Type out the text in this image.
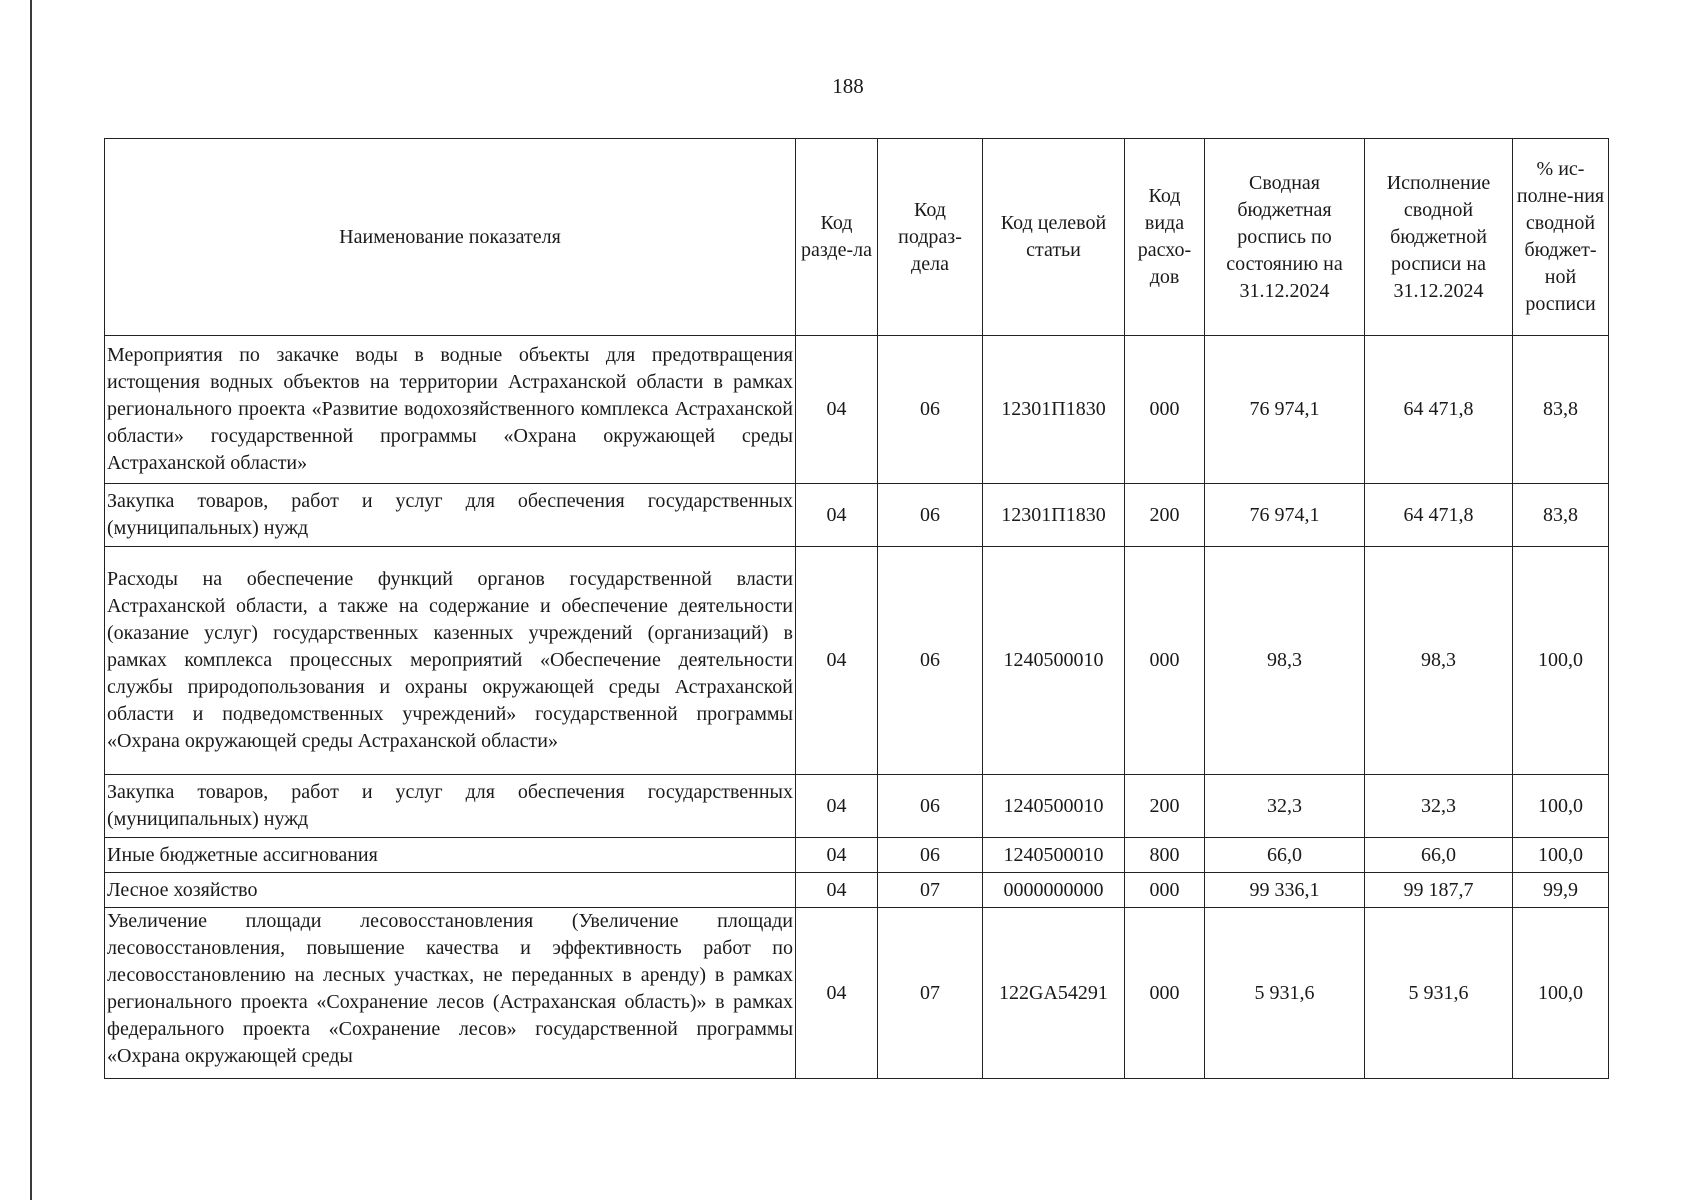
188
Наименование показателя	Код разде-ла	Код подраз-дела	Код целевой статьи	Код вида расхо-дов	Сводная бюджетная роспись по состоянию на 31.12.2024	Исполнение сводной бюджетной росписи на 31.12.2024	% ис-полне-ния сводной бюджет-ной росписи
Мероприятия по закачке воды в водные объекты для предотвращения истощения водных объектов на территории Астраханской области в рамках регионального проекта «Развитие водохозяйственного комплекса Астраханской области» государственной программы «Охрана окружающей среды Астраханской области»	04	06	12301П1830	000	76 974,1	64 471,8	83,8
Закупка товаров, работ и услуг для обеспечения государственных (муниципальных) нужд	04	06	12301П1830	200	76 974,1	64 471,8	83,8
Расходы на обеспечение функций органов государственной власти Астраханской области, а также на содержание и обеспечение деятельности (оказание услуг) государственных казенных учреждений (организаций) в рамках комплекса процессных мероприятий «Обеспечение деятельности службы природопользования и охраны окружающей среды Астраханской области и подведомственных учреждений» государственной программы «Охрана окружающей среды Астраханской области»	04	06	1240500010	000	98,3	98,3	100,0
Закупка товаров, работ и услуг для обеспечения государственных (муниципальных) нужд	04	06	1240500010	200	32,3	32,3	100,0
Иные бюджетные ассигнования	04	06	1240500010	800	66,0	66,0	100,0
Лесное хозяйство	04	07	0000000000	000	99 336,1	99 187,7	99,9

Увеличение площади лесовосстановления (Увеличение площади лесовосстановления, повышение качества и эффективность работ по лесовосстановлению на лесных участках, не переданных в аренду) в рамках регионального проекта «Сохранение лесов (Астраханская область)» в рамках федерального проекта «Сохранение лесов» государственной программы «Охрана окружающей среды	04	07	122GA54291	000	5 931,6	5 931,6	100,0
